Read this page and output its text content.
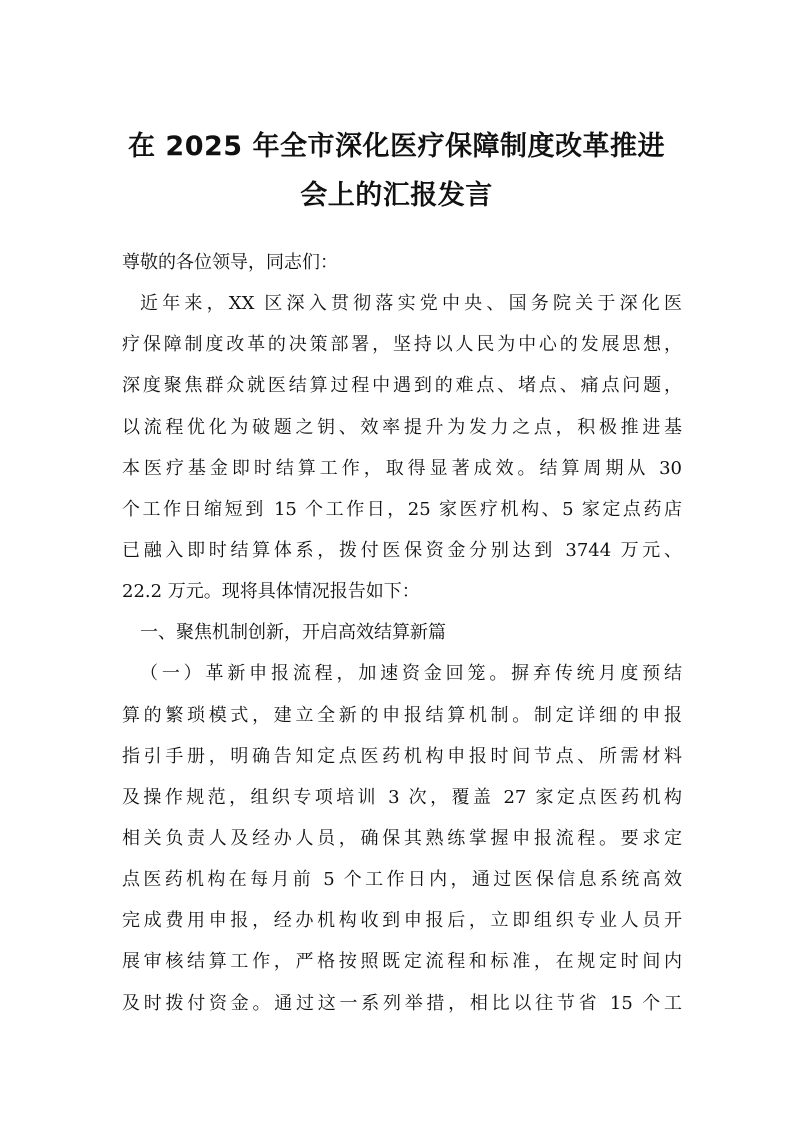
在 2025 年全市深化医疗保障制度改革推进
会上的汇报发言
尊敬的各位领导，同志们：
近年来，XX 区深入贯彻落实党中央、国务院关于深化医
疗保障制度改革的决策部署，坚持以人民为中心的发展思想，
深度聚焦群众就医结算过程中遇到的难点、堵点、痛点问题，
以流程优化为破题之钥、效率提升为发力之点，积极推进基
本医疗基金即时结算工作，取得显著成效。结算周期从 30
个工作日缩短到 15 个工作日，25 家医疗机构、5 家定点药店
已融入即时结算体系，拨付医保资金分别达到 3744 万元、
22.2 万元。现将具体情况报告如下：
一、聚焦机制创新，开启高效结算新篇
（一）革新申报流程，加速资金回笼。摒弃传统月度预结
算的繁琐模式，建立全新的申报结算机制。制定详细的申报
指引手册，明确告知定点医药机构申报时间节点、所需材料
及操作规范，组织专项培训 3 次，覆盖 27 家定点医药机构
相关负责人及经办人员，确保其熟练掌握申报流程。要求定
点医药机构在每月前 5 个工作日内，通过医保信息系统高效
完成费用申报，经办机构收到申报后，立即组织专业人员开
展审核结算工作，严格按照既定流程和标准，在规定时间内
及时拨付资金。通过这一系列举措，相比以往节省 15 个工
